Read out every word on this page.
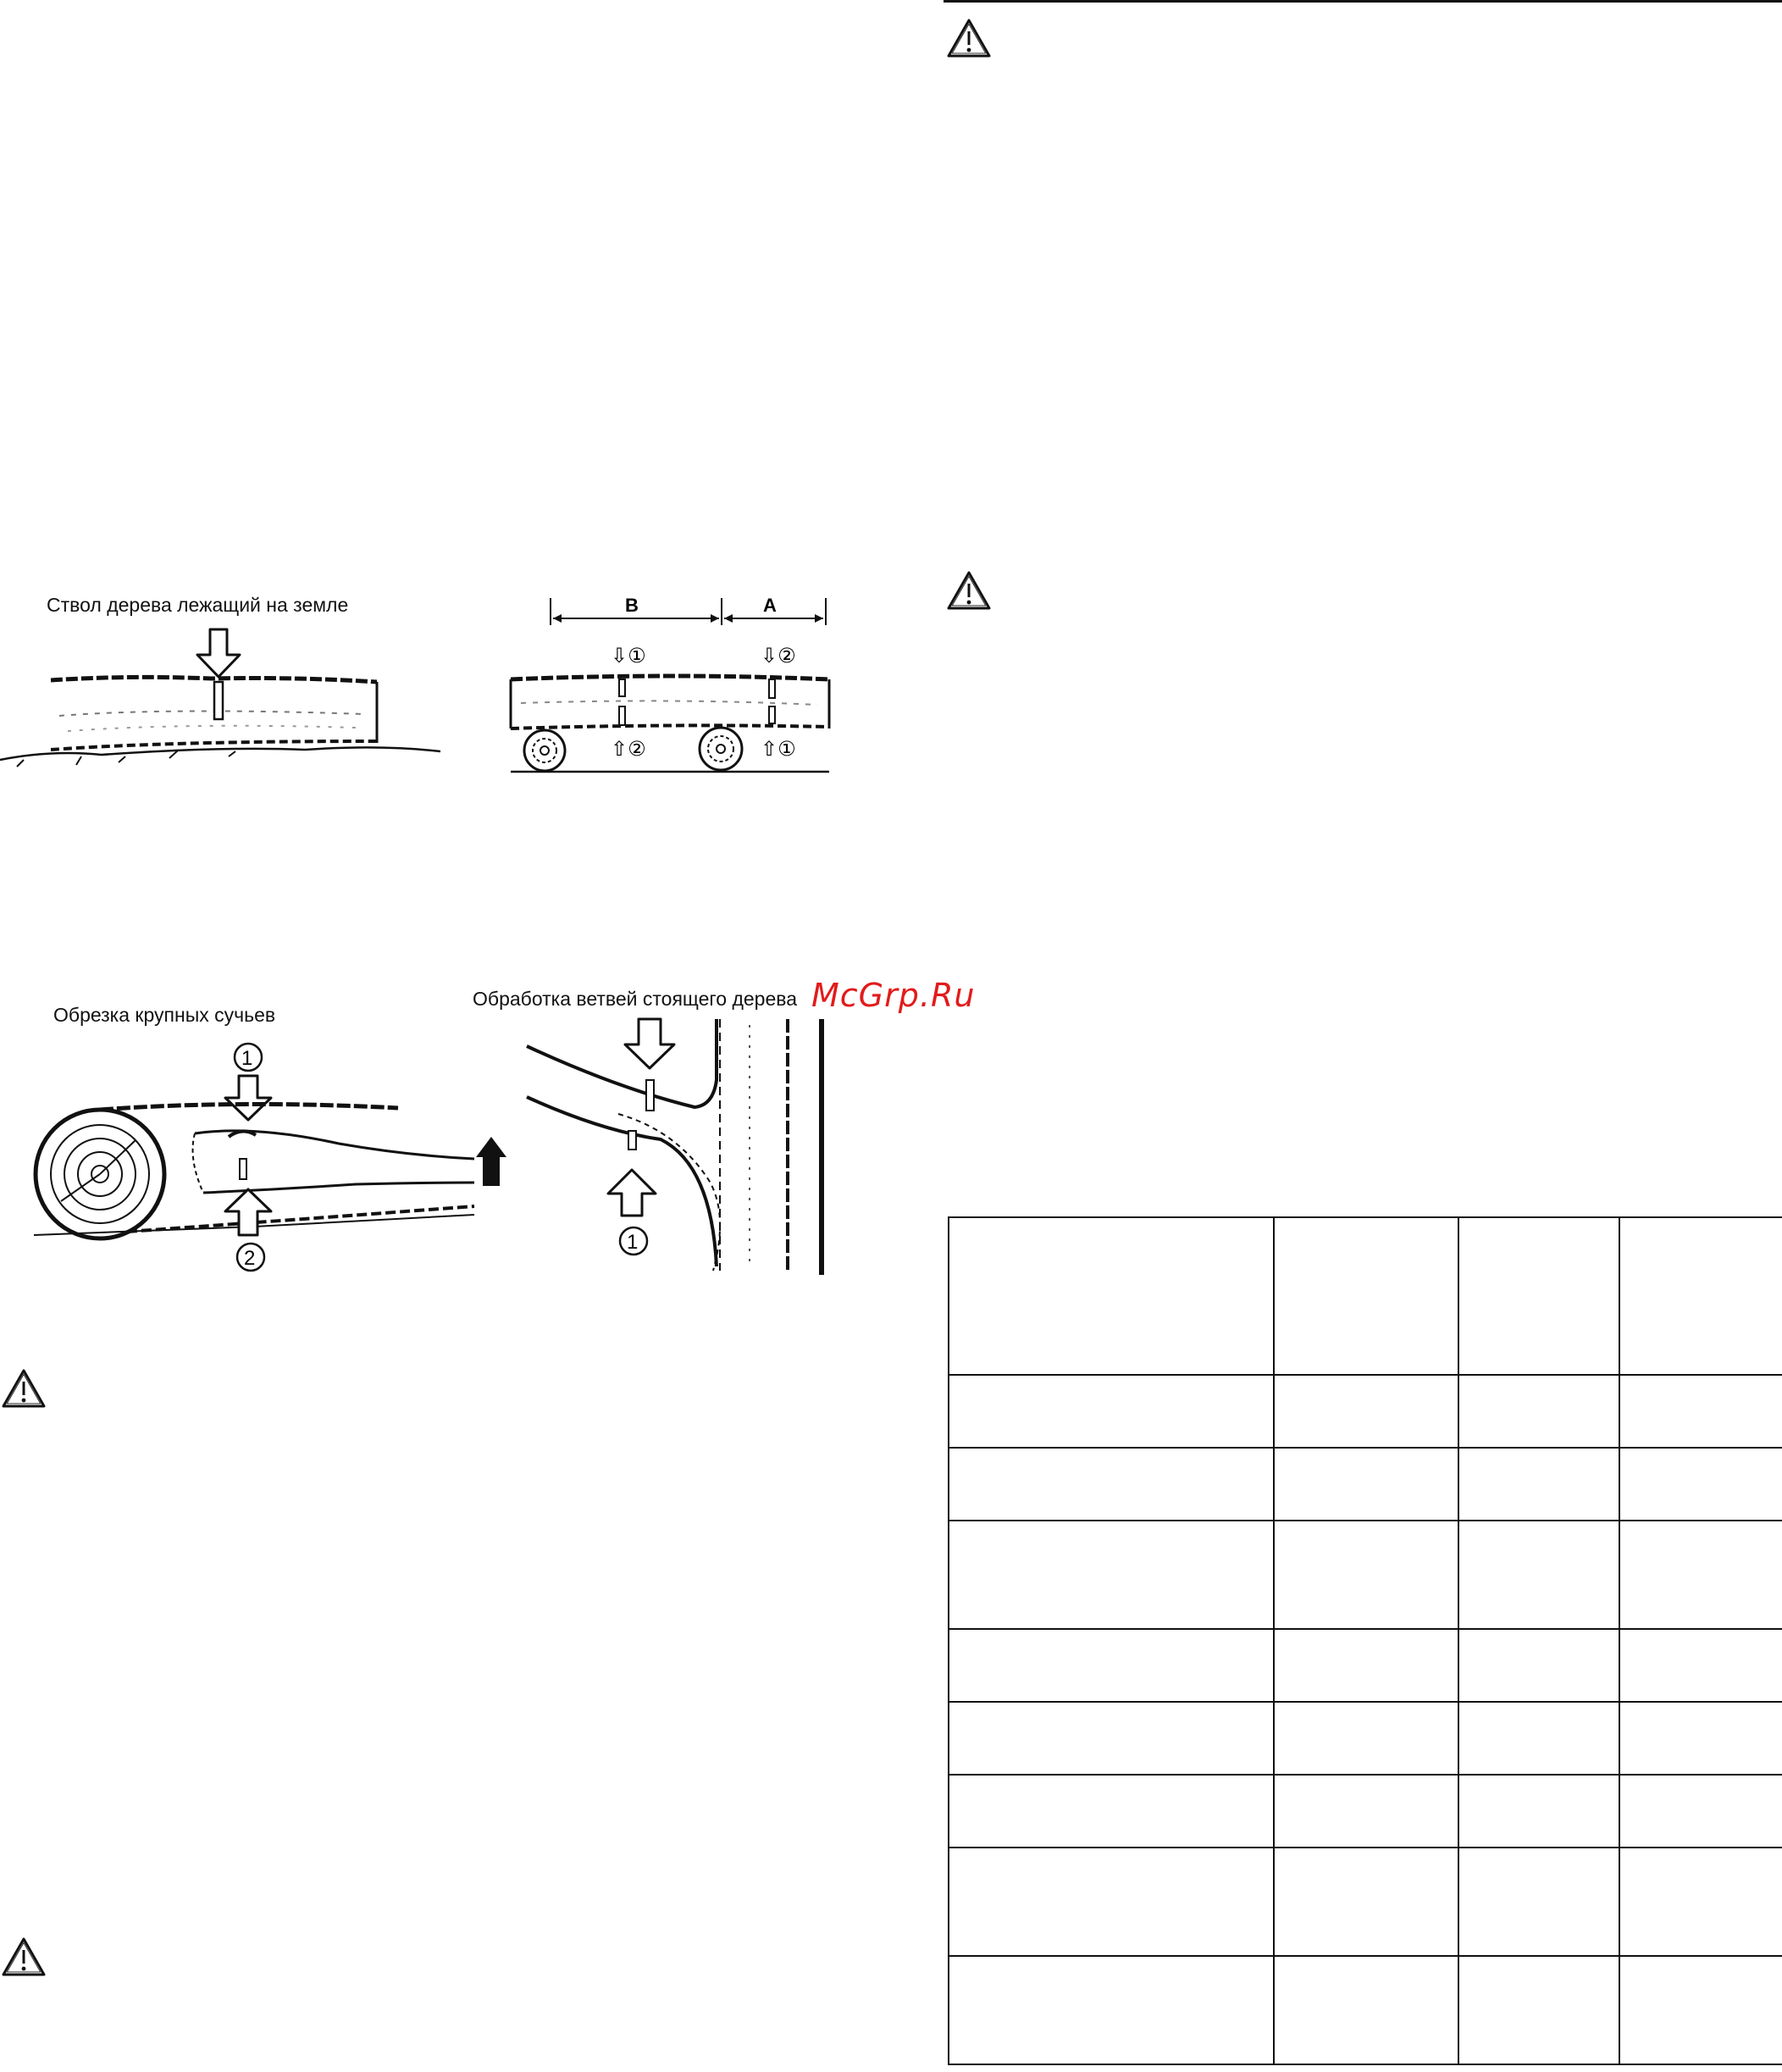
Ствол дерева лежащий на земле	B	A
⇩①	⇩②
⇧②	⇧①
Обрезка крупных сучьев
1
2
Обработка ветвей стоящего дерева
1
McGrp.Ru
